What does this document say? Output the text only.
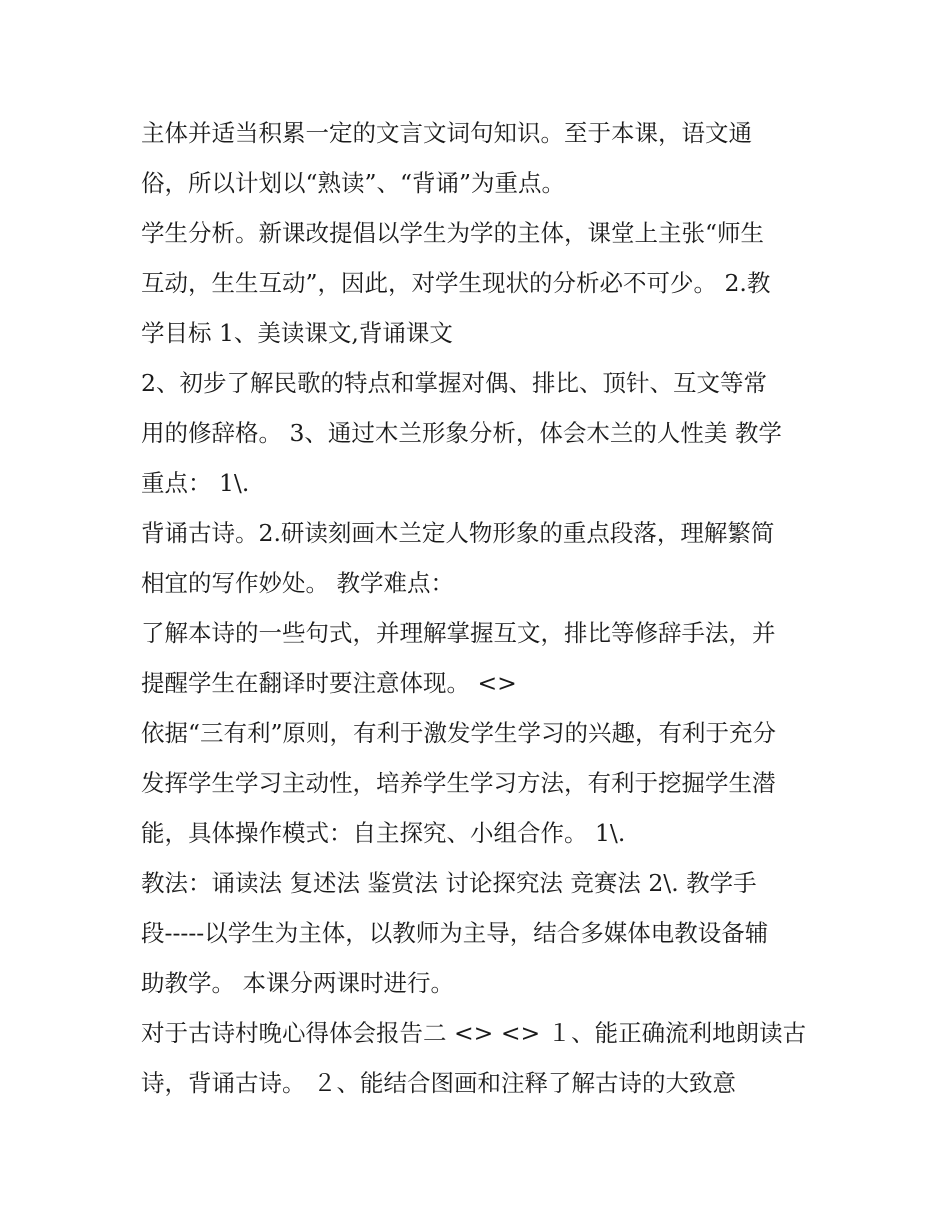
主体并适当积累一定的文言文词句知识。至于本课，语文通
俗，所以计划以“熟读”、“背诵”为重点。

学生分析。新课改提倡以学生为学的主体，课堂上主张“师生
互动，生生互动”，因此，对学生现状的分析必不可少。 2.教
学目标 1、美读课文,背诵课文

2、初步了解民歌的特点和掌握对偶、排比、顶针、互文等常
用的修辞格。 3、通过木兰形象分析，体会木兰的人性美 教学
重点： 1\.

背诵古诗。2.研读刻画木兰定人物形象的重点段落，理解繁简
相宜的写作妙处。 教学难点：

了解本诗的一些句式，并理解掌握互文，排比等修辞手法，并
提醒学生在翻译时要注意体现。 <>

依据“三有利”原则，有利于激发学生学习的兴趣，有利于充分
发挥学生学习主动性，培养学生学习方法，有利于挖掘学生潜
能，具体操作模式：自主探究、小组合作。 1\.

教法：诵读法 复述法 鉴赏法 讨论探究法 竞赛法 2\. 教学手
段-----以学生为主体，以教师为主导，结合多媒体电教设备辅
助教学。 本课分两课时进行。

对于古诗村晚心得体会报告二 <> <> １、能正确流利地朗读古
诗，背诵古诗。 ２、能结合图画和注释了解古诗的大致意
